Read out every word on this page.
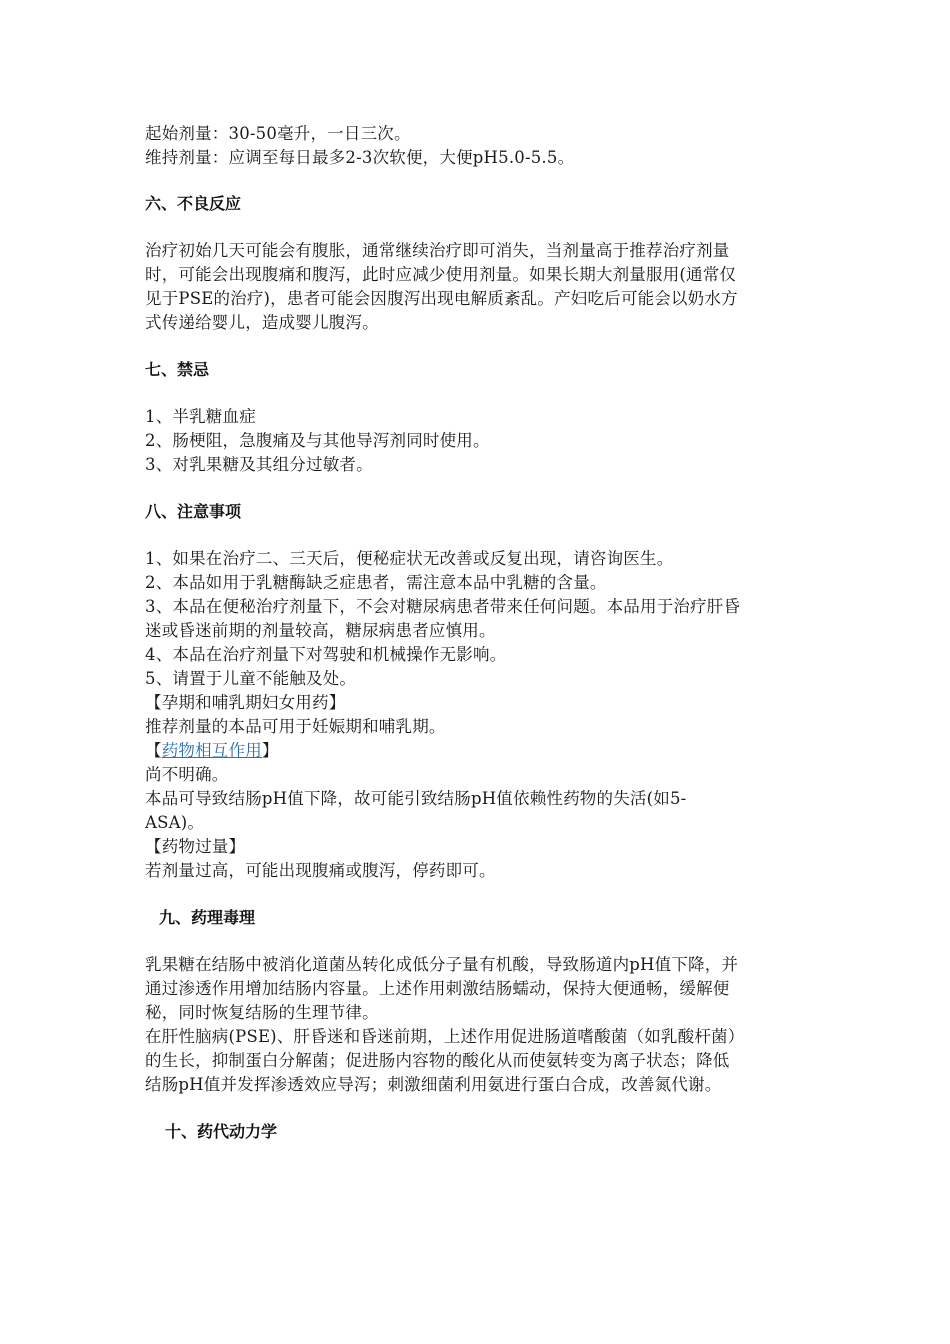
起始剂量：30-50毫升，一日三次。
维持剂量：应调至每日最多2-3次软便，大便pH5.0-5.5。
六、不良反应
治疗初始几天可能会有腹胀，通常继续治疗即可消失，当剂量高于推荐治疗剂量
时，可能会出现腹痛和腹泻，此时应减少使用剂量。如果长期大剂量服用(通常仅
见于PSE的治疗)，患者可能会因腹泻出现电解质紊乱。产妇吃后可能会以奶水方
式传递给婴儿，造成婴儿腹泻。
七、禁忌
1、半乳糖血症
2、肠梗阻，急腹痛及与其他导泻剂同时使用。
3、对乳果糖及其组分过敏者。
八、注意事项
1、如果在治疗二、三天后，便秘症状无改善或反复出现，请咨询医生。
2、本品如用于乳糖酶缺乏症患者，需注意本品中乳糖的含量。
3、本品在便秘治疗剂量下，不会对糖尿病患者带来任何问题。本品用于治疗肝昏
迷或昏迷前期的剂量较高，糖尿病患者应慎用。
4、本品在治疗剂量下对驾驶和机械操作无影响。
5、请置于儿童不能触及处。
【孕期和哺乳期妇女用药】
推荐剂量的本品可用于妊娠期和哺乳期。
【药物相互作用】
尚不明确。
本品可导致结肠pH值下降，故可能引致结肠pH值依赖性药物的失活(如5-
ASA)。
【药物过量】
若剂量过高，可能出现腹痛或腹泻，停药即可。
九、药理毒理
乳果糖在结肠中被消化道菌丛转化成低分子量有机酸，导致肠道内pH值下降，并
通过渗透作用增加结肠内容量。上述作用刺激结肠蠕动，保持大便通畅，缓解便
秘，同时恢复结肠的生理节律。
在肝性脑病(PSE)、肝昏迷和昏迷前期，上述作用促进肠道嗜酸菌（如乳酸杆菌）
的生长，抑制蛋白分解菌；促进肠内容物的酸化从而使氨转变为离子状态；降低
结肠pH值并发挥渗透效应导泻；刺激细菌利用氨进行蛋白合成，改善氮代谢。
十、药代动力学
